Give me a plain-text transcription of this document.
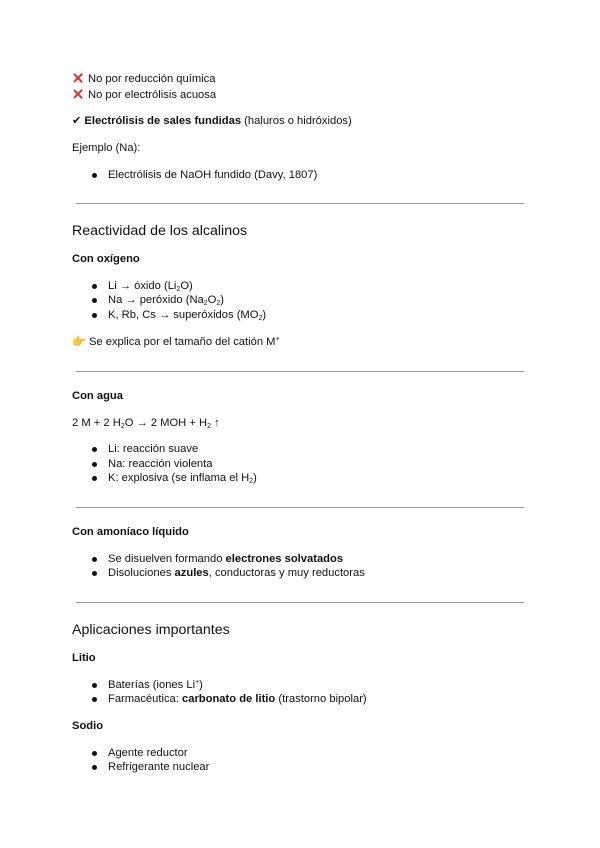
No por reducción química
No por electrólisis acuosa
✔ Electrólisis de sales fundidas (haluros o hidróxidos)
Ejemplo (Na):
Electrólisis de NaOH fundido (Davy, 1807)
Reactividad de los alcalinos
Con oxígeno
Li → óxido $(Li_2O)$
Na → peróxido $(Na_2O_2)$
K, Rb, Cs → superóxidos $(MO_2)$
👉 Se explica por el tamaño del catión M+
Con agua
2 M + 2 $H_2O \to 2$ MOH + $H_2$ ↑
Li: reacción suave
Na: reacción violenta
K: explosiva (se inflama el $H_2$)
Con amoníaco líquido
Se disuelven formando electrones solvatados
Disoluciones azules, conductoras y muy reductoras
Aplicaciones importantes
Litio
Baterías (iones Li+)
Farmacéutica: carbonato de litio (trastorno bipolar)
Sodio
Agente reductor
Refrigerante nuclear
